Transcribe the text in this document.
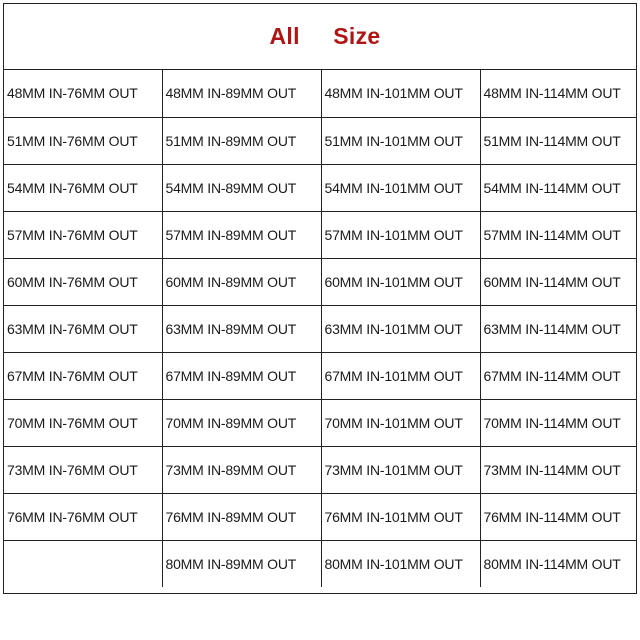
All     Size
48MM IN-76MM OUT	48MM IN-89MM OUT	48MM IN-101MM OUT	48MM IN-114MM OUT
51MM IN-76MM OUT	51MM IN-89MM OUT	51MM IN-101MM OUT	51MM IN-114MM OUT
54MM IN-76MM OUT	54MM IN-89MM OUT	54MM IN-101MM OUT	54MM IN-114MM OUT
57MM IN-76MM OUT	57MM IN-89MM OUT	57MM IN-101MM OUT	57MM IN-114MM OUT
60MM IN-76MM OUT	60MM IN-89MM OUT	60MM IN-101MM OUT	60MM IN-114MM OUT
63MM IN-76MM OUT	63MM IN-89MM OUT	63MM IN-101MM OUT	63MM IN-114MM OUT
67MM IN-76MM OUT	67MM IN-89MM OUT	67MM IN-101MM OUT	67MM IN-114MM OUT
70MM IN-76MM OUT	70MM IN-89MM OUT	70MM IN-101MM OUT	70MM IN-114MM OUT
73MM IN-76MM OUT	73MM IN-89MM OUT	73MM IN-101MM OUT	73MM IN-114MM OUT
76MM IN-76MM OUT	76MM IN-89MM OUT	76MM IN-101MM OUT	76MM IN-114MM OUT
	80MM IN-89MM OUT	80MM IN-101MM OUT	80MM IN-114MM OUT
